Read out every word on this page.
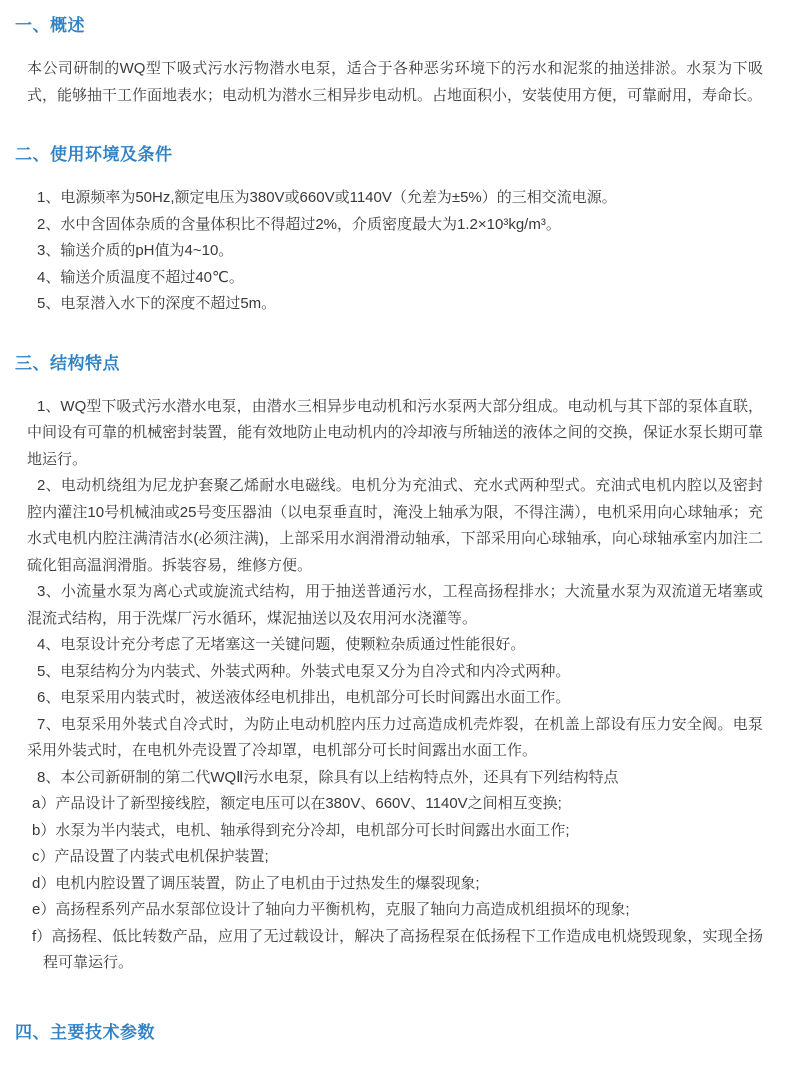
一、概述

本公司研制的WQ型下吸式污水污物潜水电泵，适合于各种恶劣环境下的污水和泥浆的抽送排淤。水泵为下吸式，能够抽干工作面地表水；电动机为潜水三相异步电动机。占地面积小，安装使用方便，可靠耐用，寿命长。

二、使用环境及条件

1、电源频率为50Hz,额定电压为380V或660V或1140V（允差为±5%）的三相交流电源。

2、水中含固体杂质的含量体积比不得超过2%，介质密度最大为1.2×10³kg/m³。

3、输送介质的pH值为4~10。

4、输送介质温度不超过40℃。

5、电泵潜入水下的深度不超过5m。

三、结构特点

1、WQ型下吸式污水潜水电泵，由潜水三相异步电动机和污水泵两大部分组成。电动机与其下部的泵体直联，中间设有可靠的机械密封装置，能有效地防止电动机内的冷却液与所轴送的液体之间的交换，保证水泵长期可靠地运行。

2、电动机绕组为尼龙护套聚乙烯耐水电磁线。电机分为充油式、充水式两种型式。充油式电机内腔以及密封腔内灌注10号机械油或25号变压器油（以电泵垂直时，淹没上轴承为限，不得注满），电机采用向心球轴承；充水式电机内腔注满清洁水(必须注满)，上部采用水润滑滑动轴承，下部采用向心球轴承，向心球轴承室内加注二硫化钼高温润滑脂。拆装容易，维修方便。

3、小流量水泵为离心式或旋流式结构，用于抽送普通污水，工程高扬程排水；大流量水泵为双流道无堵塞或混流式结构，用于洗煤厂污水循环，煤泥抽送以及农用河水浇灌等。

4、电泵设计充分考虑了无堵塞这一关键问题，使颗粒杂质通过性能很好。

5、电泵结构分为内装式、外装式两种。外装式电泵又分为自冷式和内冷式两种。

6、电泵采用内装式时，被送液体经电机排出，电机部分可长时间露出水面工作。

7、电泵采用外装式自冷式时，为防止电动机腔内压力过高造成机壳炸裂，在机盖上部设有压力安全阀。电泵采用外装式时，在电机外壳设置了冷却罩，电机部分可长时间露出水面工作。

8、本公司新研制的第二代WQⅡ污水电泵，除具有以上结构特点外，还具有下列结构特点

a）产品设计了新型接线腔，额定电压可以在380V、660V、1140V之间相互变换;

b）水泵为半内装式，电机、轴承得到充分冷却，电机部分可长时间露出水面工作;

c）产品设置了内装式电机保护装置;

d）电机内腔设置了调压装置，防止了电机由于过热发生的爆裂现象;

e）高扬程系列产品水泵部位设计了轴向力平衡机构，克服了轴向力高造成机组损坏的现象;

f）高扬程、低比转数产品，应用了无过载设计，解决了高扬程泵在低扬程下工作造成电机烧毁现象，实现全扬程可靠运行。

四、主要技术参数
